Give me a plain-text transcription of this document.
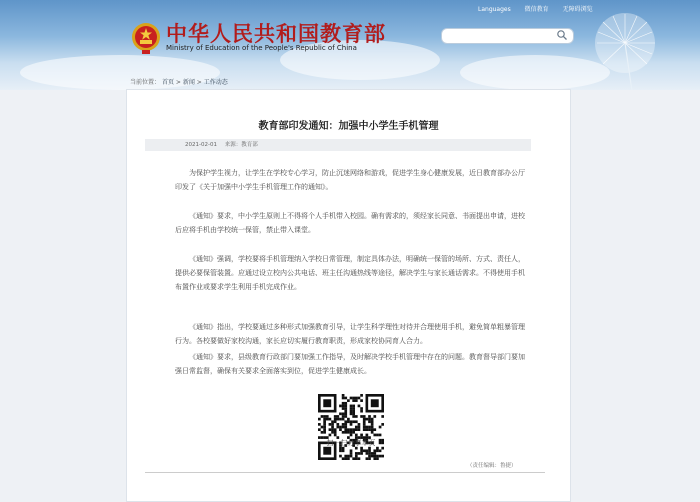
中华人民共和国教育部
Ministry of Education of the People's Republic of China
Languages 微信教育 无障碍浏览
当前位置： 首页 > 新闻 > 工作动态
教育部印发通知：加强中小学生手机管理
2021-02-01 来源：教育部
为保护学生视力，让学生在学校专心学习，防止沉迷网络和游戏，促进学生身心健康发展，近日教育部办公厅印发了《关于加强中小学生手机管理工作的通知》。
《通知》要求，中小学生原则上不得将个人手机带入校园。确有需求的，须经家长同意、书面提出申请，进校后应将手机由学校统一保管，禁止带入课堂。
《通知》强调，学校要将手机管理纳入学校日常管理，制定具体办法，明确统一保管的场所、方式、责任人，提供必要保管装置。应通过设立校内公共电话、班主任沟通热线等途径，解决学生与家长通话需求。不得使用手机布置作业或要求学生利用手机完成作业。
《通知》指出，学校要通过多种形式加强教育引导，让学生科学理性对待并合理使用手机，避免简单粗暴管理行为。各校要做好家校沟通，家长应切实履行教育职责，形成家校协同育人合力。
《通知》要求，县级教育行政部门要加强工作指导，及时解决学校手机管理中存在的问题。教育督导部门要加强日常监督，确保有关要求全面落实到位，促进学生健康成长。
扫一扫分享本页
（责任编辑：鲁捷）
